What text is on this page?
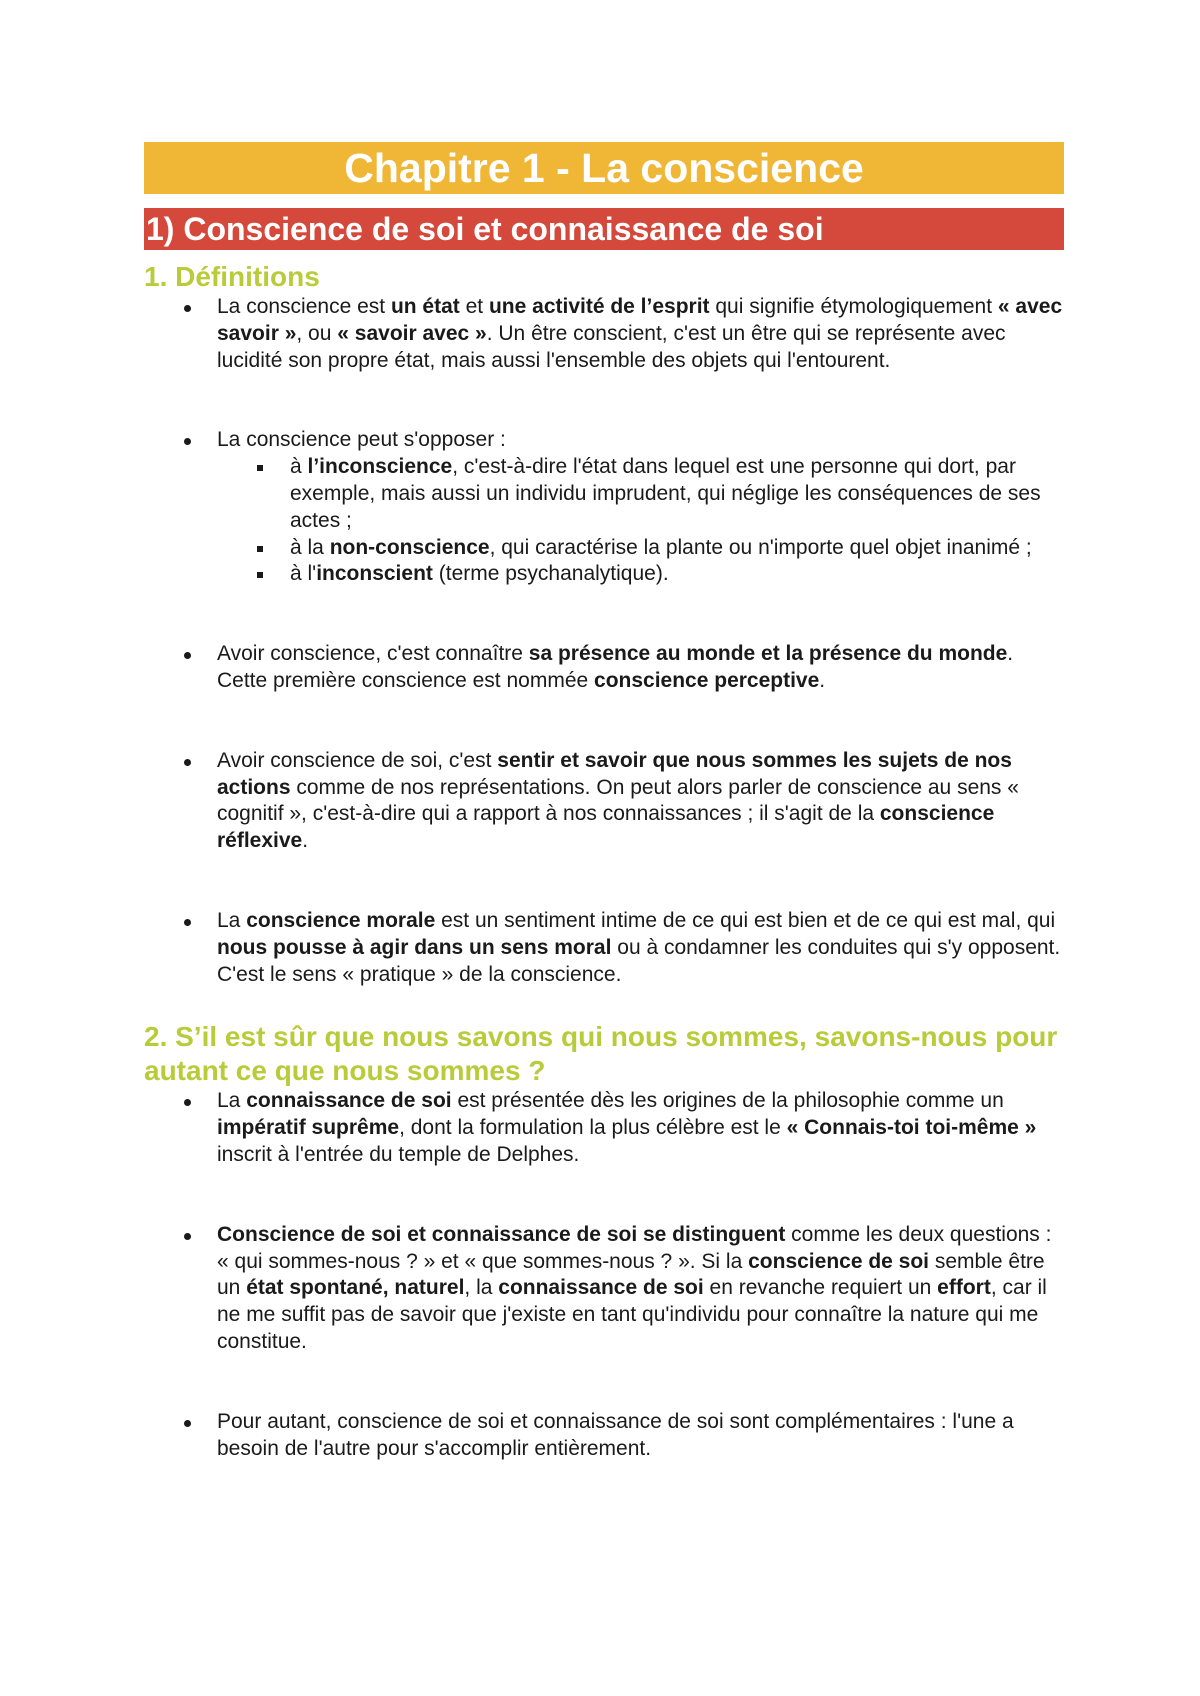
Chapitre 1 - La conscience
1) Conscience de soi et connaissance de soi
1. Définitions
La conscience est un état et une activité de l’esprit qui signifie étymologiquement « avec savoir », ou « savoir avec ». Un être conscient, c'est un être qui se représente avec lucidité son propre état, mais aussi l'ensemble des objets qui l'entourent.
La conscience peut s'opposer :
à l’inconscience, c'est-à-dire l'état dans lequel est une personne qui dort, par exemple, mais aussi un individu imprudent, qui néglige les conséquences de ses actes ;
à la non-conscience, qui caractérise la plante ou n'importe quel objet inanimé ;
à l'inconscient (terme psychanalytique).
Avoir conscience, c'est connaître sa présence au monde et la présence du monde. Cette première conscience est nommée conscience perceptive.
Avoir conscience de soi, c'est sentir et savoir que nous sommes les sujets de nos actions comme de nos représentations. On peut alors parler de conscience au sens « cognitif », c'est-à-dire qui a rapport à nos connaissances ; il s'agit de la conscience réflexive.
La conscience morale est un sentiment intime de ce qui est bien et de ce qui est mal, qui nous pousse à agir dans un sens moral ou à condamner les conduites qui s'y opposent. C'est le sens « pratique » de la conscience.
2. S’il est sûr que nous savons qui nous sommes, savons-nous pour autant ce que nous sommes ?
La connaissance de soi est présentée dès les origines de la philosophie comme un impératif suprême, dont la formulation la plus célèbre est le « Connais-toi toi-même » inscrit à l'entrée du temple de Delphes.
Conscience de soi et connaissance de soi se distinguent comme les deux questions : « qui sommes-nous ? » et « que sommes-nous ? ». Si la conscience de soi semble être un état spontané, naturel, la connaissance de soi en revanche requiert un effort, car il ne me suffit pas de savoir que j'existe en tant qu'individu pour connaître la nature qui me constitue.
Pour autant, conscience de soi et connaissance de soi sont complémentaires : l'une a besoin de l'autre pour s'accomplir entièrement.
